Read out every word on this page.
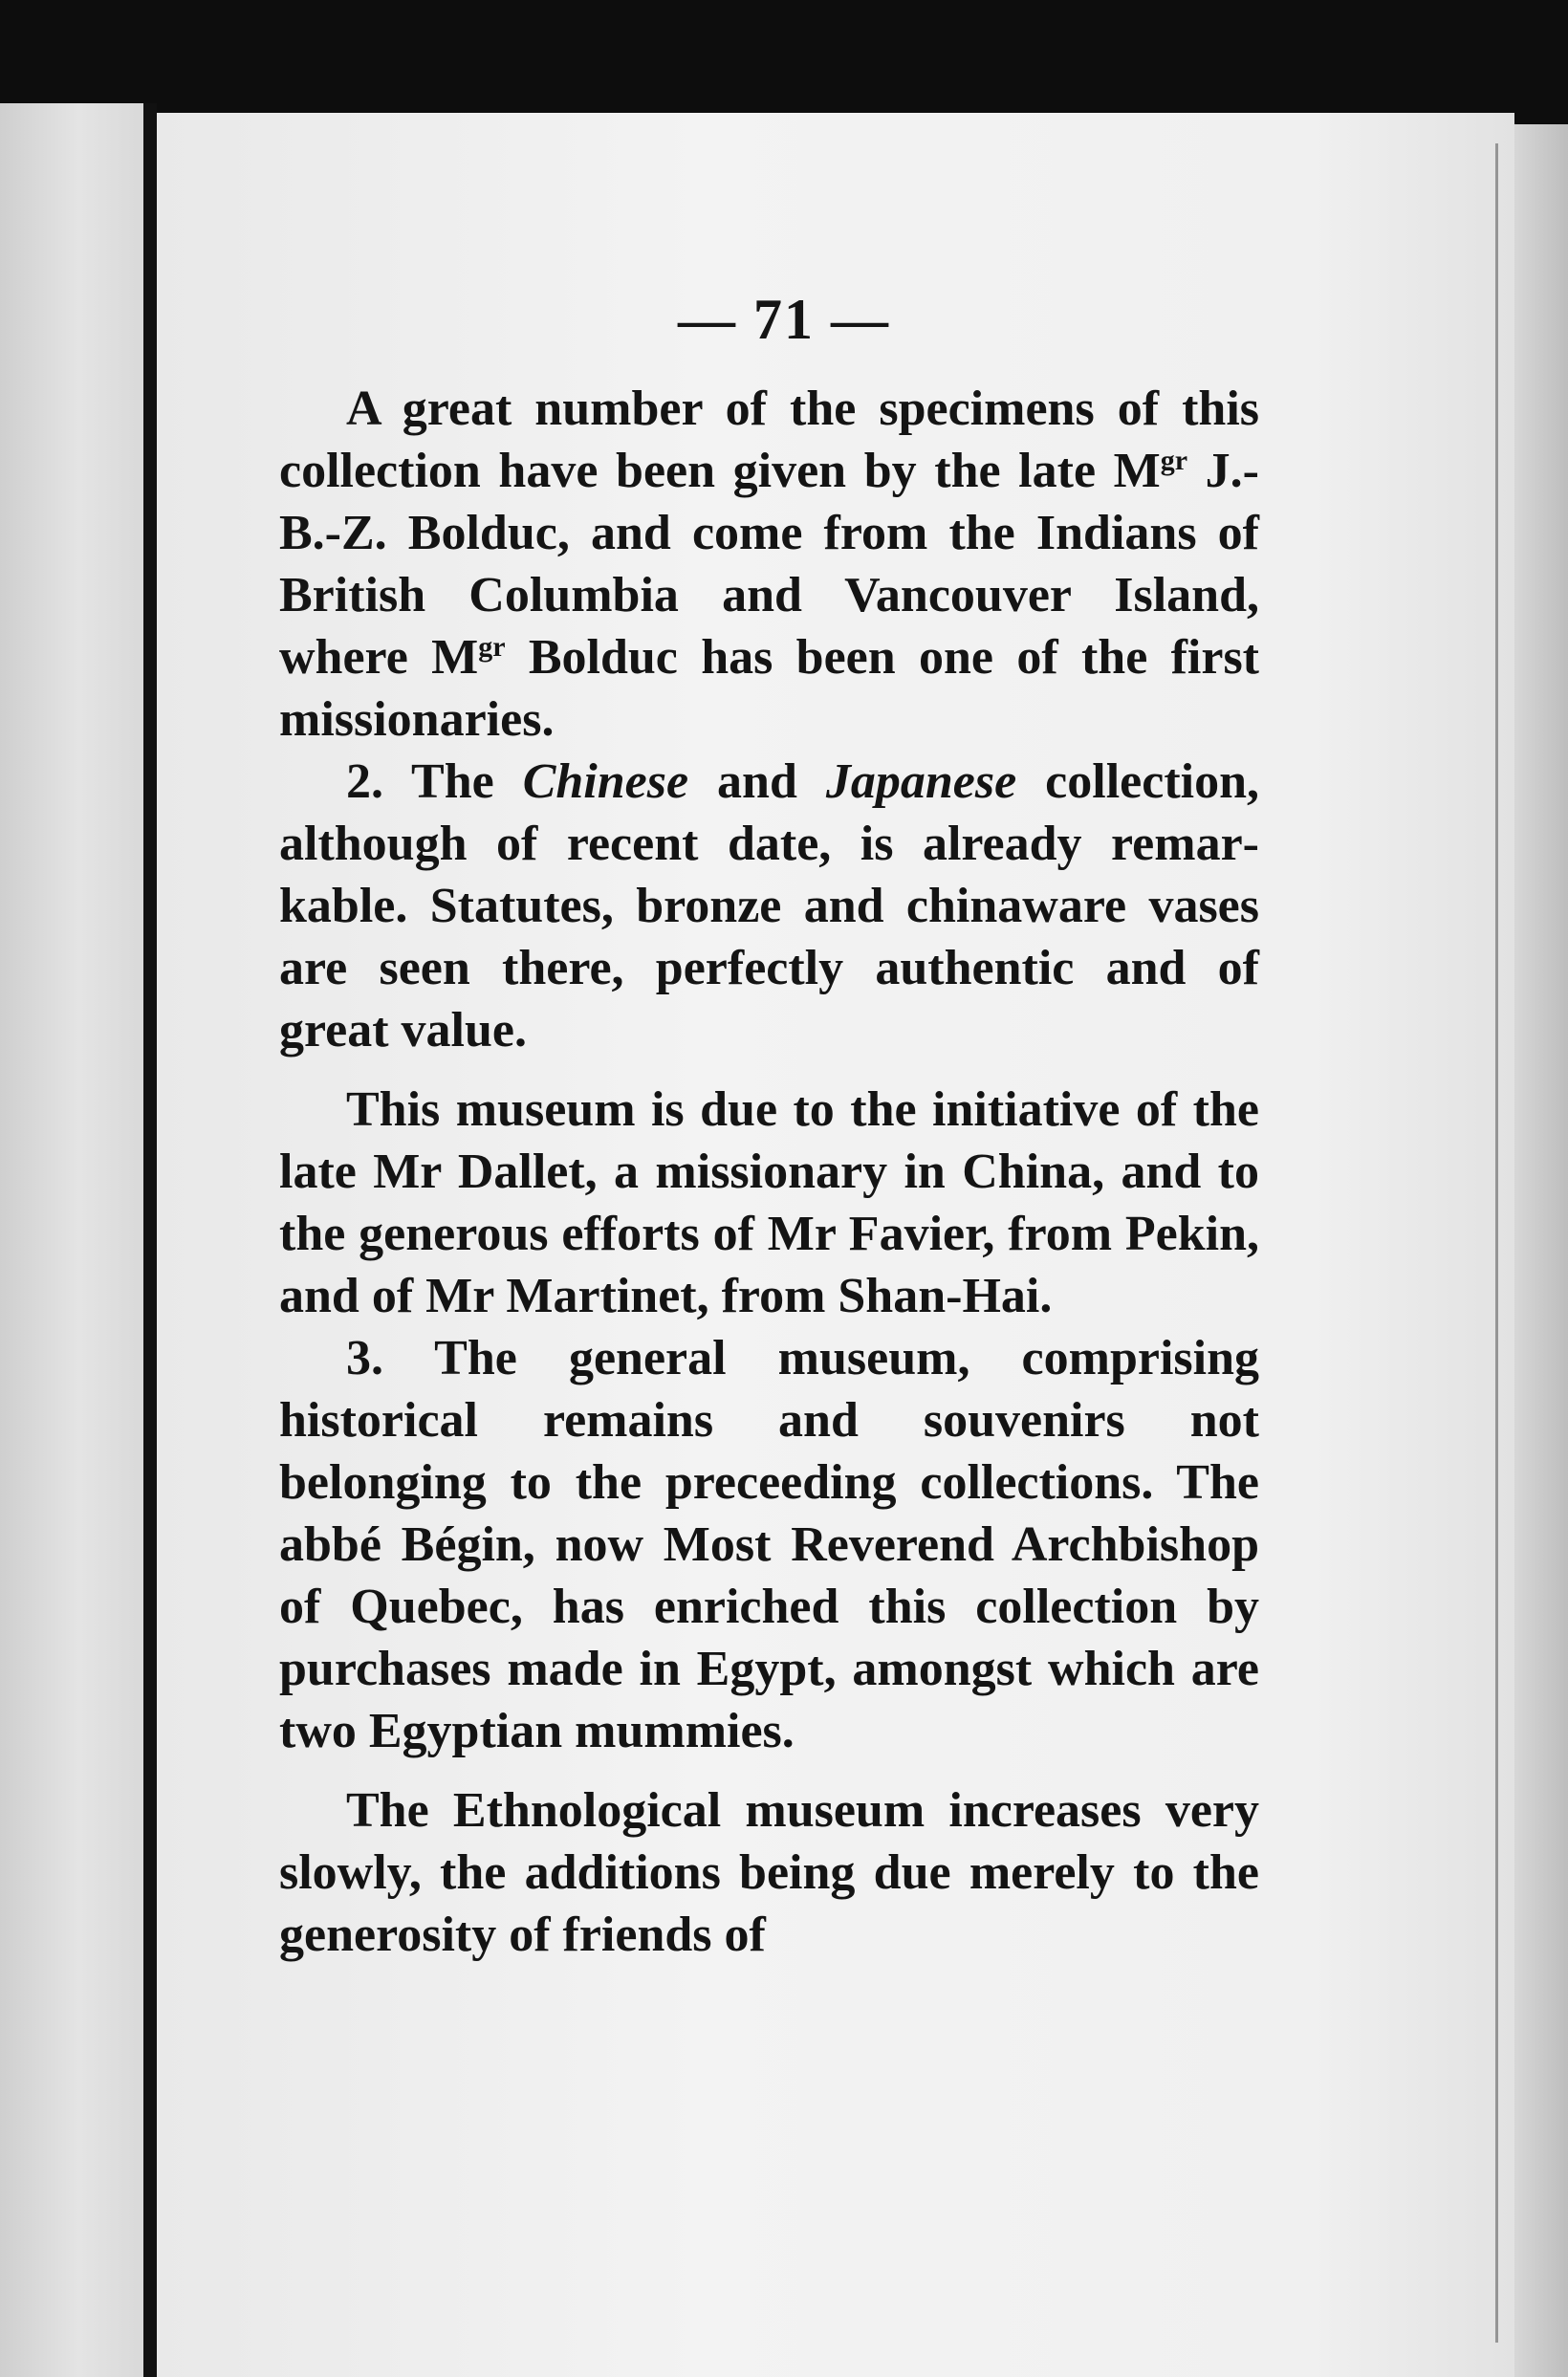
— 71 —

A great number of the specimens of this collection have been given by the late $M^{gr}$ J.-B.-Z. Bolduc, and come from the Indians of British Columbia and Vancouver Island, where $M^{gr}$ Bolduc has been one of the first missionaries.

2. The Chinese and Japanese collection, although of recent date, is already remarkable. Statutes, bronze and chinaware vases are seen there, perfectly authentic and of great value.

This museum is due to the initiative of the late Mr Dallet, a missionary in China, and to the generous efforts of Mr Favier, from Pekin, and of Mr Martinet, from Shan-Hai.

3. The general museum, comprising historical remains and souvenirs not belonging to the preceeding collections. The abbé Bégin, now Most Reverend Archbishop of Quebec, has enriched this collection by purchases made in Egypt, amongst which are two Egyptian mummies.

The Ethnological museum increases very slowly, the additions being due merely to the generosity of friends of
